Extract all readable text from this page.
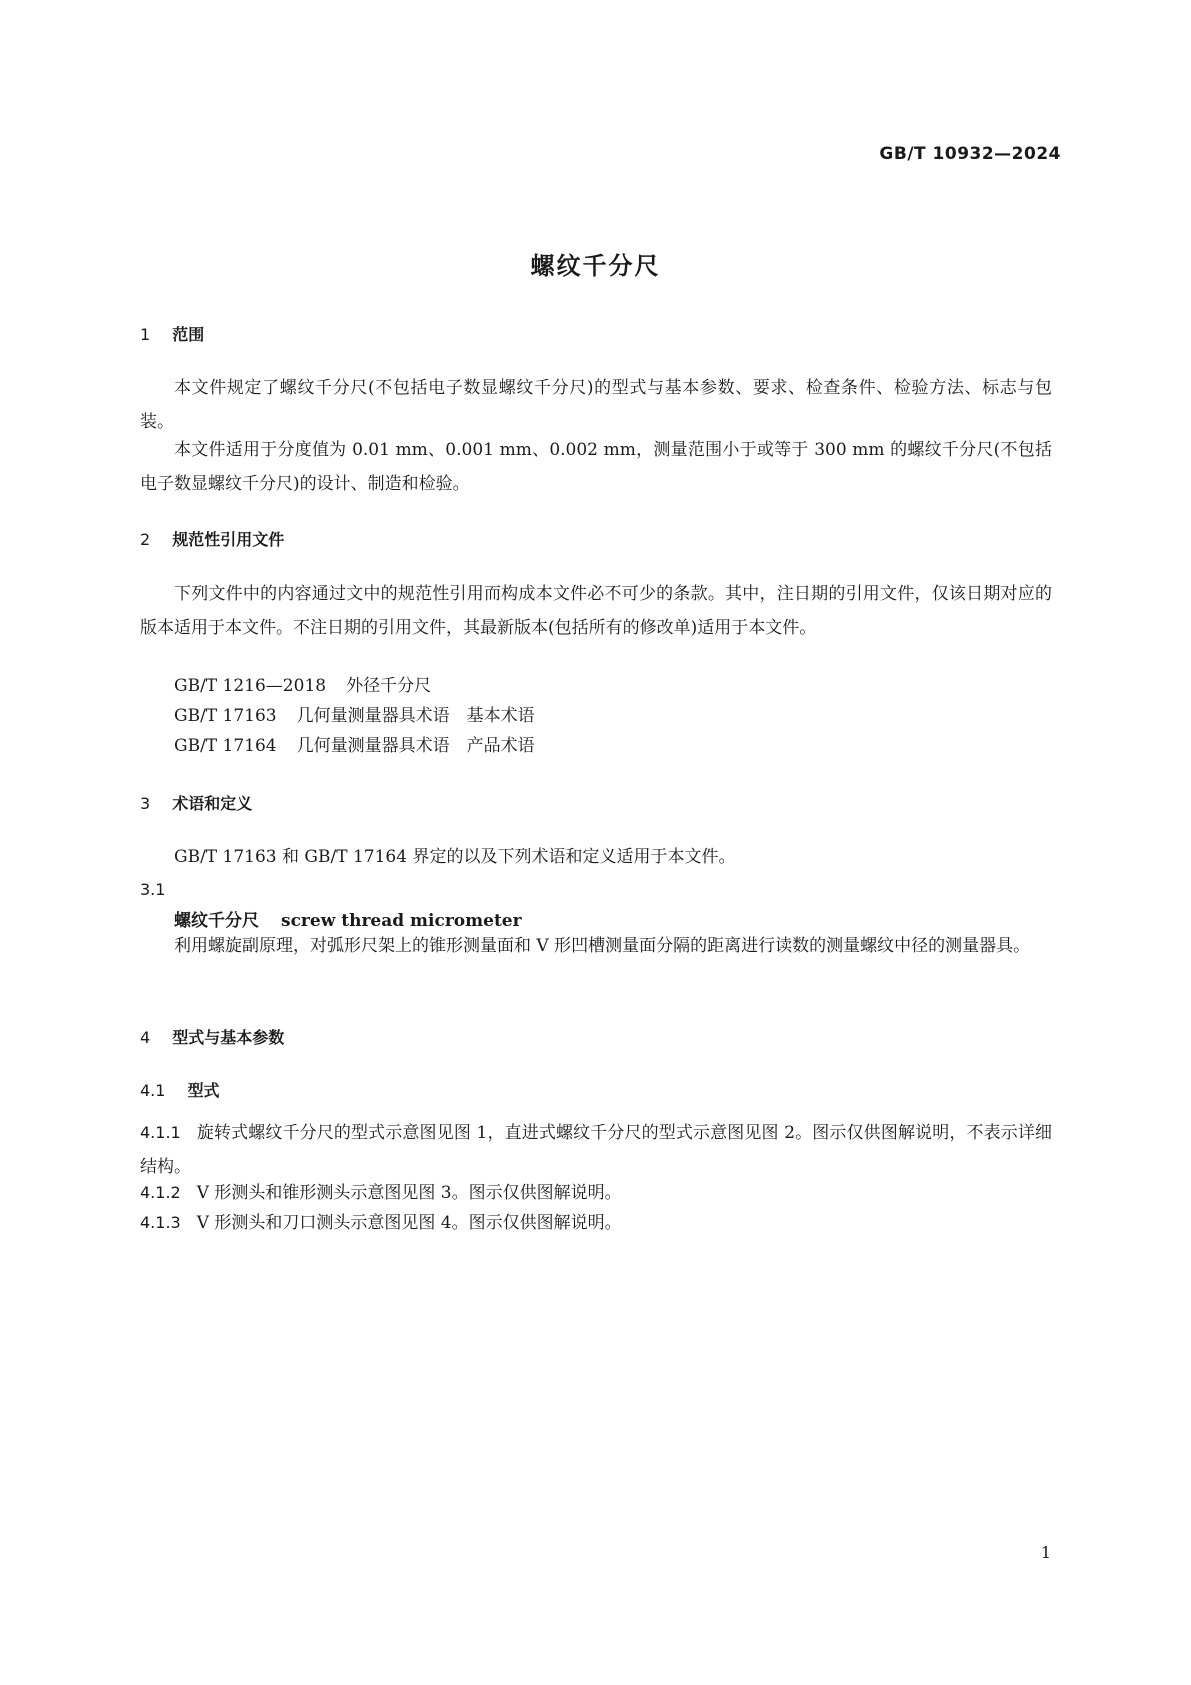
GB/T 10932—2024
螺纹千分尺
1 范围
本文件规定了螺纹千分尺(不包括电子数显螺纹千分尺)的型式与基本参数、要求、检查条件、检验方法、标志与包装。
本文件适用于分度值为 0.01 mm、0.001 mm、0.002 mm，测量范围小于或等于 300 mm 的螺纹千分尺(不包括电子数显螺纹千分尺)的设计、制造和检验。
2 规范性引用文件
下列文件中的内容通过文中的规范性引用而构成本文件必不可少的条款。其中，注日期的引用文件，仅该日期对应的版本适用于本文件。不注日期的引用文件，其最新版本(包括所有的修改单)适用于本文件。
GB/T 1216—2018 外径千分尺
GB/T 17163 几何量测量器具术语　基本术语
GB/T 17164 几何量测量器具术语　产品术语
3 术语和定义
GB/T 17163 和 GB/T 17164 界定的以及下列术语和定义适用于本文件。
3.1
螺纹千分尺 screw thread micrometer
利用螺旋副原理，对弧形尺架上的锥形测量面和 V 形凹槽测量面分隔的距离进行读数的测量螺纹中径的测量器具。
4 型式与基本参数
4.1 型式
4.1.1 旋转式螺纹千分尺的型式示意图见图 1，直进式螺纹千分尺的型式示意图见图 2。图示仅供图解说明，不表示详细结构。
4.1.2 V 形测头和锥形测头示意图见图 3。图示仅供图解说明。
4.1.3 V 形测头和刀口测头示意图见图 4。图示仅供图解说明。
1
